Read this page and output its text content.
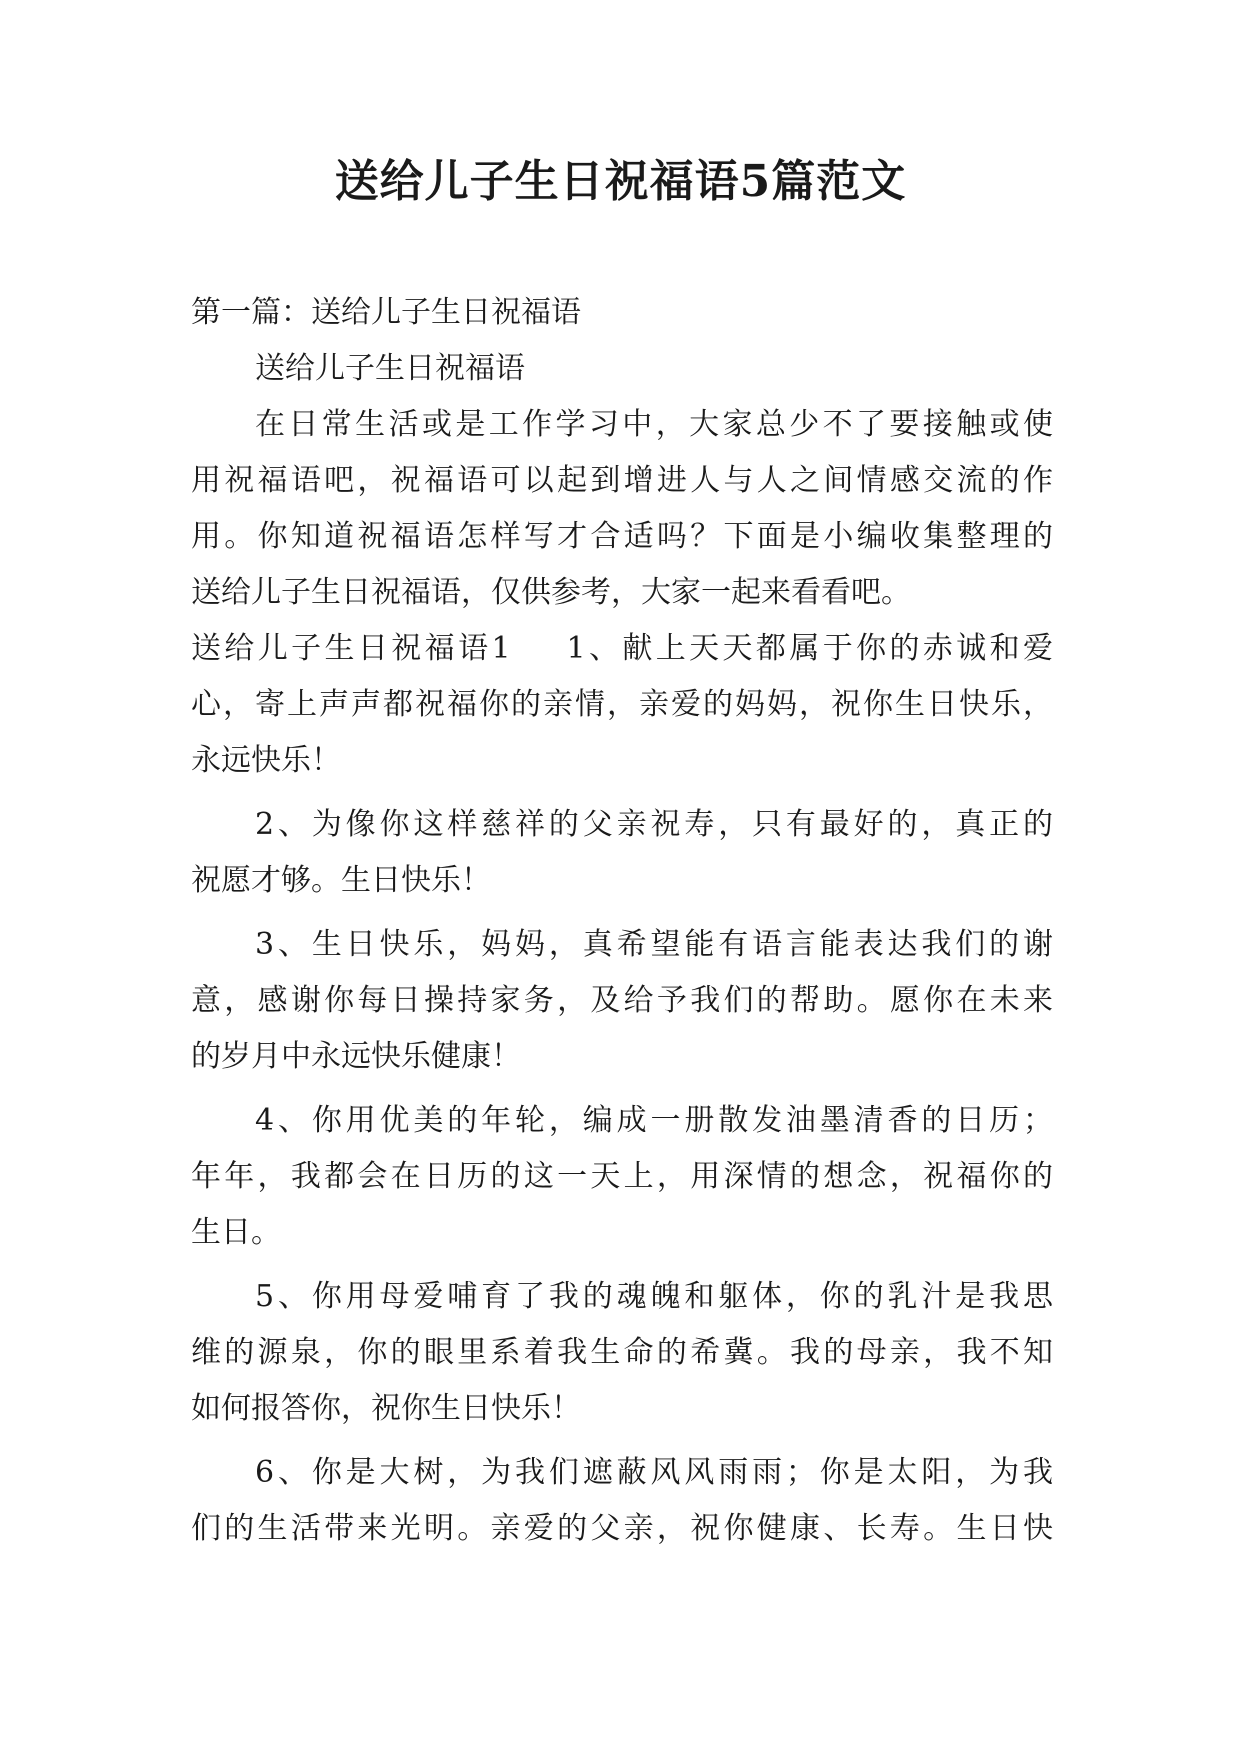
送给儿子生日祝福语5篇范文

第一篇：送给儿子生日祝福语

送给儿子生日祝福语

在日常生活或是工作学习中，大家总少不了要接触或使

用祝福语吧，祝福语可以起到增进人与人之间情感交流的作

用。你知道祝福语怎样写才合适吗？下面是小编收集整理的

送给儿子生日祝福语，仅供参考，大家一起来看看吧。

送给儿子生日祝福语1 1、献上天天都属于你的赤诚和爱

心，寄上声声都祝福你的亲情，亲爱的妈妈，祝你生日快乐，

永远快乐！

2、为像你这样慈祥的父亲祝寿，只有最好的，真正的

祝愿才够。生日快乐！

3、生日快乐，妈妈，真希望能有语言能表达我们的谢

意，感谢你每日操持家务，及给予我们的帮助。愿你在未来

的岁月中永远快乐健康！

4、你用优美的年轮，编成一册散发油墨清香的日历；

年年，我都会在日历的这一天上，用深情的想念，祝福你的

生日。

5、你用母爱哺育了我的魂魄和躯体，你的乳汁是我思

维的源泉，你的眼里系着我生命的希冀。我的母亲，我不知

如何报答你，祝你生日快乐！

6、你是大树，为我们遮蔽风风雨雨；你是太阳，为我

们的生活带来光明。亲爱的父亲，祝你健康、长寿。生日快
